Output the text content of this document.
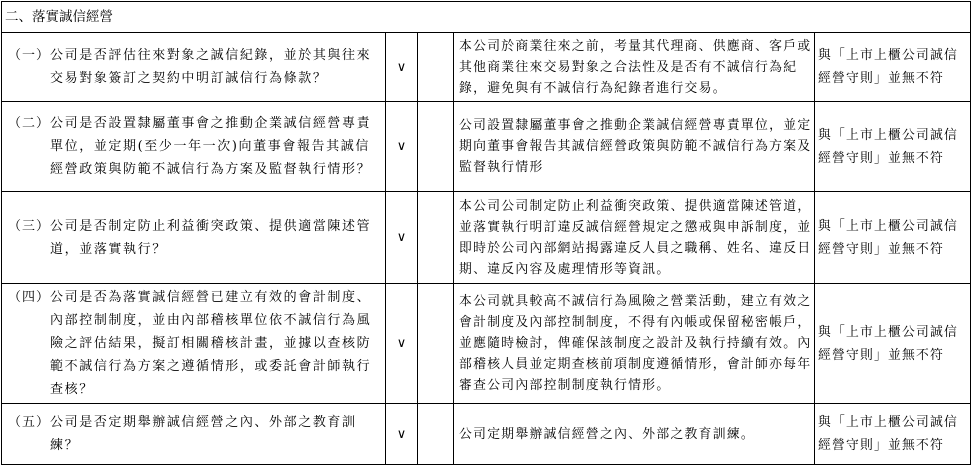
二、落實誠信經營				

（一） 公司是否評估往來對象之誠信紀錄，並於其與往來交易對象簽訂之契約中明訂誠信行為條款？	∨		本公司於商業往來之前，考量其代理商、供應商、客戶或其他商業往來交易對象之合法性及是否有不誠信行為紀錄，避免與有不誠信行為紀錄者進行交易。	與「上市上櫃公司誠信經營守則」並無不符

（二） 公司是否設置隸屬董事會之推動企業誠信經營專責單位，並定期(至少一年一次)向董事會報告其誠信經營政策與防範不誠信行為方案及監督執行情形？	∨		公司設置隸屬董事會之推動企業誠信經營專責單位，並定期向董事會報告其誠信經營政策與防範不誠信行為方案及監督執行情形	與「上市上櫃公司誠信經營守則」並無不符

（三） 公司是否制定防止利益衝突政策、提供適當陳述管道，並落實執行？	∨		本公司公司制定防止利益衝突政策、提供適當陳述管道，並落實執行明訂違反誠信經營規定之懲戒與申訴制度，並即時於公司內部網站揭露違反人員之職稱、姓名、違反日期、違反內容及處理情形等資訊。	與「上市上櫃公司誠信經營守則」並無不符

（四） 公司是否為落實誠信經營已建立有效的會計制度、內部控制制度，並由內部稽核單位依不誠信行為風險之評估結果，擬訂相關稽核計畫，並據以查核防範不誠信行為方案之遵循情形，或委託會計師執行查核？	∨		本公司就具較高不誠信行為風險之營業活動，建立有效之會計制度及內部控制制度，不得有內帳或保留秘密帳戶，並應隨時檢討，俾確保該制度之設計及執行持續有效。內部稽核人員並定期查核前項制度遵循情形，會計師亦每年審查公司內部控制制度執行情形。	與「上市上櫃公司誠信經營守則」並無不符

（五） 公司是否定期舉辦誠信經營之內、外部之教育訓練？	∨		公司定期舉辦誠信經營之內、外部之教育訓練。	與「上市上櫃公司誠信經營守則」並無不符
